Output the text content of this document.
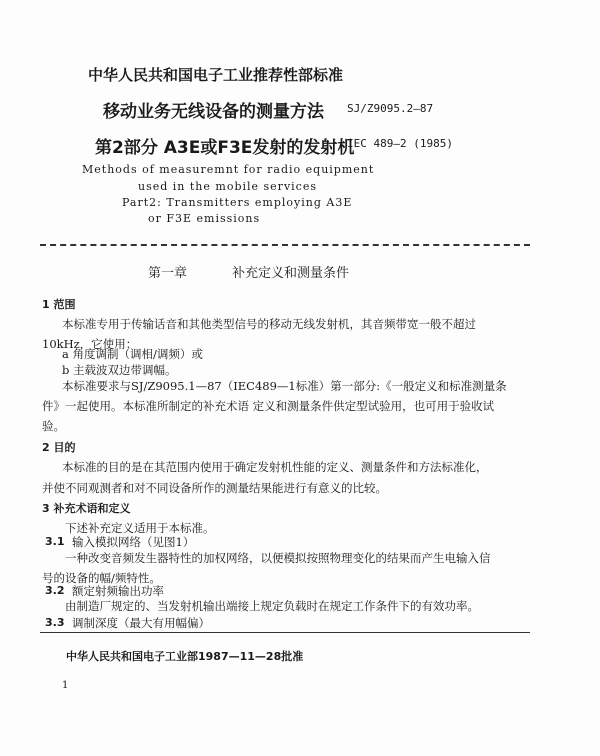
中华人民共和国电子工业推荐性部标准
移动业务无线设备的测量方法 SJ/Z9095.2—87
第2部分 A3E或F3E发射的发射机
IEC 489—2 (1985)
Methods of measuremnt for radio equipment
used in the mobile services
Part2: Transmitters employing A3E
or F3E emissions
第一章	补充定义和测量条件
1 范围
本标准专用于传输话音和其他类型信号的移动无线发射机，其音频带宽一般不超过
10kHz，它使用：
a 角度调制（调相/调频）或
b 主载波双边带调幅。
本标准要求与SJ/Z9095.1—87（IEC489—1标准）第一部分:《一般定义和标准测量条
件》一起使用。本标准所制定的补充术语 定义和测量条件供定型试验用，也可用于验收试
验。
2 目的
本标准的目的是在其范围内使用于确定发射机性能的定义、测量条件和方法标准化，
并使不同观测者和对不同设备所作的测量结果能进行有意义的比较。
3 补充术语和定义
下述补充定义适用于本标准。
3.1 输入模拟网络（见图1）
一种改变音频发生器特性的加权网络，以便模拟按照物理变化的结果而产生电输入信
号的设备的幅/频特性。
3.2 额定射频输出功率
由制造厂规定的、当发射机输出端接上规定负载时在规定工作条件下的有效功率。
3.3 调制深度（最大有用幅偏）
中华人民共和国电子工业部1987—11—28批准
1
